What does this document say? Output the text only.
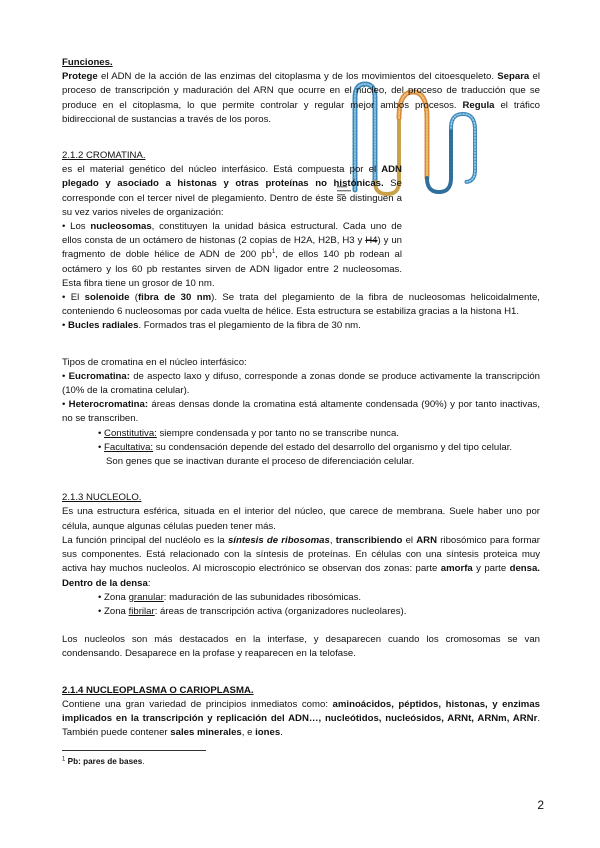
Funciones.

Protege el ADN de la acción de las enzimas del citoplasma y de los movimientos del citoesqueleto. Separa el proceso de transcripción y maduración del ARN que ocurre en el núcleo, del proceso de traducción que se produce en el citoplasma, lo que permite controlar y regular mejor ambos procesos. Regula el tráfico bidireccional de sustancias a través de los poros.

2.1.2 CROMATINA.

es el material genético del núcleo interfásico. Está compuesta por el ADN plegado y asociado a histonas y otras proteínas no histónicas. Se corresponde con el tercer nivel de plegamiento. Dentro de éste se distinguen a su vez varios niveles de organización:

• Los nucleosomas, constituyen la unidad básica estructural. Cada uno de ellos consta de un octámero de histonas (2 copias de H2A, H2B, H3 y H4) y un fragmento de doble hélice de ADN de 200 $pb^1$, de ellos 140 pb rodean al octámero y los 60 pb restantes sirven de ADN ligador entre 2 nucleosomas. Esta fibra tiene un grosor de 10 nm.

• El solenoide (fibra de 30 nm). Se trata del plegamiento de la fibra de nucleosomas helicoidalmente, conteniendo 6 nucleosomas por cada vuelta de hélice. Esta estructura se estabiliza gracias a la histona H1.

• Bucles radiales. Formados tras el plegamiento de la fibra de 30 nm.

Tipos de cromatina en el núcleo interfásico:

• Eucromatina: de aspecto laxo y difuso, corresponde a zonas donde se produce activamente la transcripción (10% de la cromatina celular).

• Heterocromatina: áreas densas donde la cromatina está altamente condensada (90%) y por tanto inactivas, no se transcriben.

• Constitutiva: siempre condensada y por tanto no se transcribe nunca.

• Facultativa: su condensación depende del estado del desarrollo del organismo y del tipo celular.

Son genes que se inactivan durante el proceso de diferenciación celular.

2.1.3 NUCLEOLO.

Es una estructura esférica, situada en el interior del núcleo, que carece de membrana. Suele haber uno por célula, aunque algunas células pueden tener más.

La función principal del nucléolo es la síntesis de ribosomas, transcribiendo el ARN ribosómico para formar sus componentes. Está relacionado con la síntesis de proteínas. En células con una síntesis proteica muy activa hay muchos nucleolos. Al microscopio electrónico se observan dos zonas: parte amorfa y parte densa. Dentro de la densa:

• Zona granular: maduración de las subunidades ribosómicas.

• Zona fibrilar: áreas de transcripción activa (organizadores nucleolares).

Los nucleolos son más destacados en la interfase, y desaparecen cuando los cromosomas se van condensando. Desaparece en la profase y reaparecen en la telofase.

2.1.4 NUCLEOPLASMA O CARIOPLASMA.

Contiene una gran variedad de principios inmediatos como: aminoácidos, péptidos, histonas, y enzimas implicados en la transcripción y replicación del ADN…, nucleótidos, nucleósidos, ARNt, ARNm, ARNr. También puede contener sales minerales, e iones.

$^1$ Pb: pares de bases.

2
